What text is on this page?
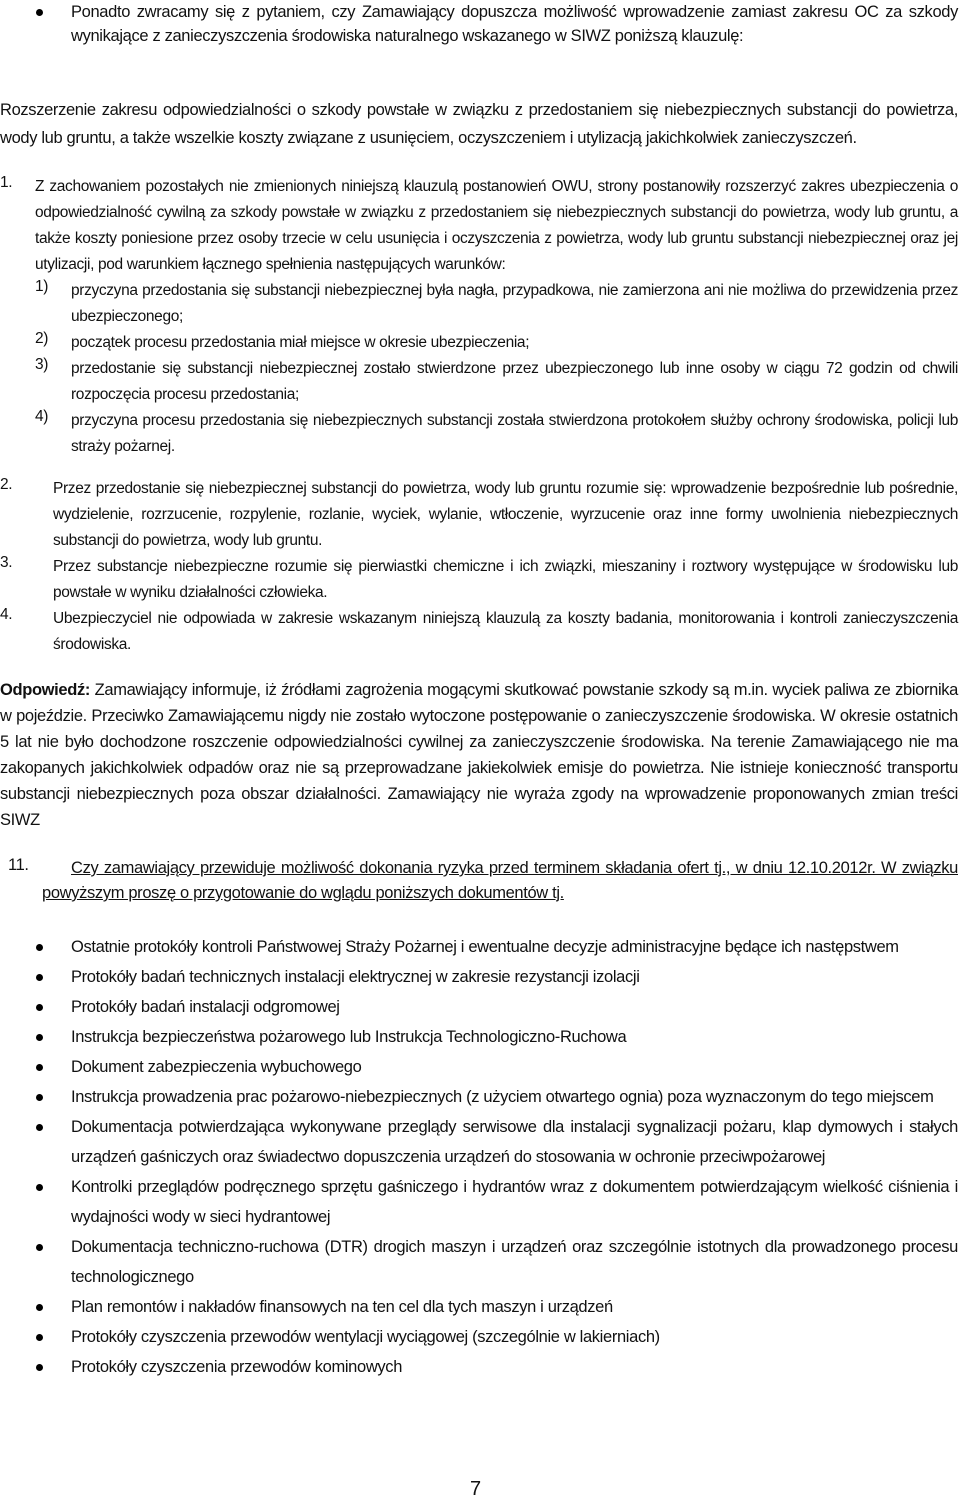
Ponadto zwracamy się z pytaniem, czy Zamawiający dopuszcza możliwość wprowadzenie zamiast zakresu OC za szkody wynikające z zanieczyszczenia środowiska naturalnego wskazanego w SIWZ poniższą klauzulę:

Rozszerzenie zakresu odpowiedzialności o szkody powstałe w związku z przedostaniem się niebezpiecznych substancji do powietrza, wody lub gruntu, a także wszelkie koszty związane z usunięciem, oczyszczeniem i utylizacją jakichkolwiek zanieczyszczeń.

1. Z zachowaniem pozostałych nie zmienionych niniejszą klauzulą postanowień OWU, strony postanowiły rozszerzyć zakres ubezpieczenia o odpowiedzialność cywilną za szkody powstałe w związku z przedostaniem się niebezpiecznych substancji do powietrza, wody lub gruntu, a także koszty poniesione przez osoby trzecie w celu usunięcia i oczyszczenia z powietrza, wody lub gruntu substancji niebezpiecznej oraz jej utylizacji, pod warunkiem łącznego spełnienia następujących warunków:

1) przyczyna przedostania się substancji niebezpiecznej była nagła, przypadkowa, nie zamierzona ani nie możliwa do przewidzenia przez ubezpieczonego;

2) początek procesu przedostania miał miejsce w okresie ubezpieczenia;

3) przedostanie się substancji niebezpiecznej zostało stwierdzone przez ubezpieczonego lub inne osoby w ciągu 72 godzin od chwili rozpoczęcia procesu przedostania;

4) przyczyna procesu przedostania się niebezpiecznych substancji została stwierdzona protokołem służby ochrony środowiska, policji lub straży pożarnej.

2.	Przez przedostanie się niebezpiecznej substancji do powietrza, wody lub gruntu rozumie się: wprowadzenie bezpośrednie lub pośrednie, wydzielenie, rozrzucenie, rozpylenie, rozlanie, wyciek, wylanie, wtłoczenie, wyrzucenie oraz inne formy uwolnienia niebezpiecznych substancji do powietrza, wody lub gruntu.

3.	Przez substancje niebezpieczne rozumie się pierwiastki chemiczne i ich związki, mieszaniny i roztwory występujące w środowisku lub powstałe w wyniku działalności człowieka.

4.	Ubezpieczyciel nie odpowiada w zakresie wskazanym niniejszą klauzulą za koszty badania, monitorowania i kontroli zanieczyszczenia środowiska.

Odpowiedź: Zamawiający informuje, iż źródłami zagrożenia mogącymi skutkować powstanie szkody są m.in. wyciek paliwa ze zbiornika w pojeździe. Przeciwko Zamawiającemu nigdy nie zostało wytoczone postępowanie o zanieczyszczenie środowiska. W okresie ostatnich 5 lat nie było dochodzone roszczenie odpowiedzialności cywilnej za zanieczyszczenie środowiska. Na terenie Zamawiającego nie ma zakopanych jakichkolwiek odpadów oraz nie są przeprowadzane jakiekolwiek emisje do powietrza. Nie istnieje konieczność transportu substancji niebezpiecznych poza obszar działalności. Zamawiający nie wyraża zgody na wprowadzenie proponowanych zmian treści SIWZ

11.	Czy zamawiający przewiduje możliwość dokonania ryzyka przed terminem składania ofert tj., w dniu 12.10.2012r. W związku powyższym proszę o przygotowanie do wglądu poniższych dokumentów tj.

Ostatnie protokóły kontroli Państwowej Straży Pożarnej i ewentualne decyzje administracyjne będące ich następstwem

Protokóły badań technicznych instalacji elektrycznej w zakresie rezystancji izolacji

Protokóły badań instalacji odgromowej

Instrukcja bezpieczeństwa pożarowego lub Instrukcja Technologiczno-Ruchowa

Dokument zabezpieczenia wybuchowego

Instrukcja prowadzenia prac pożarowo-niebezpiecznych (z użyciem otwartego ognia) poza wyznaczonym do tego miejscem

Dokumentacja potwierdzająca wykonywane przeglądy serwisowe dla instalacji sygnalizacji pożaru, klap dymowych i stałych urządzeń gaśniczych oraz świadectwo dopuszczenia urządzeń do stosowania w ochronie przeciwpożarowej

Kontrolki przeglądów podręcznego sprzętu gaśniczego i hydrantów wraz z dokumentem potwierdzającym wielkość ciśnienia i wydajności wody w sieci hydrantowej

Dokumentacja techniczno-ruchowa (DTR) drogich maszyn i urządzeń oraz szczególnie istotnych dla prowadzonego procesu technologicznego

Plan remontów i nakładów finansowych na ten cel dla tych maszyn i urządzeń

Protokóły czyszczenia przewodów wentylacji wyciągowej (szczególnie w lakierniach)

Protokóły czyszczenia przewodów kominowych

7
